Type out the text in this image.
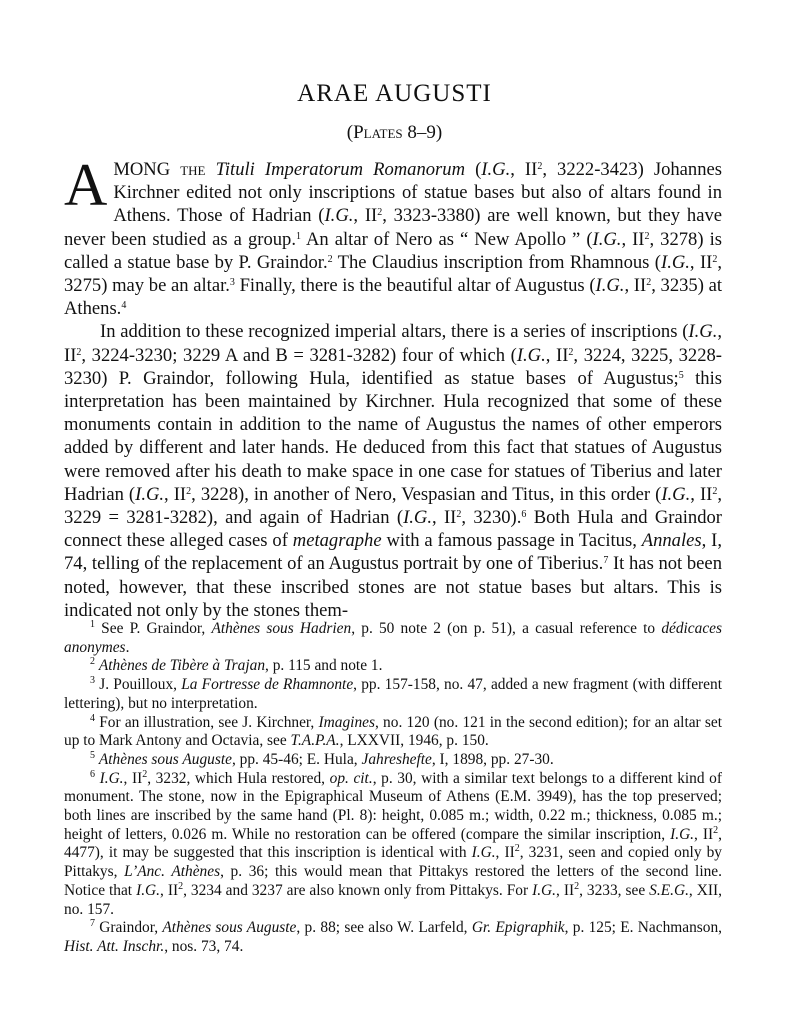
ARAE AUGUSTI
(Plates 8–9)

A MONG the Tituli Imperatorum Romanorum (I.G., $II^2$, 3222-3423) Johannes Kirchner edited not only inscriptions of statue bases but also of altars found in Athens. Those of Hadrian (I.G., $II^2$, 3323-3380) are well known, but they have never been studied as a group.$^1$ An altar of Nero as “ New Apollo ” (I.G., $II^2$, 3278) is called a statue base by P. Graindor.$^2$ The Claudius inscription from Rhamnous (I.G., $II^2$, 3275) may be an altar.$^3$ Finally, there is the beautiful altar of Augustus (I.G., $II^2$, 3235) at Athens.$^4$

In addition to these recognized imperial altars, there is a series of inscriptions (I.G., $II^2$, 3224-3230; 3229 A and B = 3281-3282) four of which (I.G., $II^2$, 3224, 3225, 3228-3230) P. Graindor, following Hula, identified as statue bases of Augustus;$^5$ this interpretation has been maintained by Kirchner. Hula recognized that some of these monuments contain in addition to the name of Augustus the names of other emperors added by different and later hands. He deduced from this fact that statues of Augustus were removed after his death to make space in one case for statues of Tiberius and later Hadrian (I.G., $II^2$, 3228), in another of Nero, Vespasian and Titus, in this order (I.G., $II^2$, 3229 = 3281-3282), and again of Hadrian (I.G., $II^2$, 3230).$^6$ Both Hula and Graindor connect these alleged cases of metagraphe with a famous passage in Tacitus, Annales, I, 74, telling of the replacement of an Augustus portrait by one of Tiberius.$^7$ It has not been noted, however, that these inscribed stones are not statue bases but altars. This is indicated not only by the stones them-

$^1$ See P. Graindor, Athènes sous Hadrien, p. 50 note 2 (on p. 51), a casual reference to dédicaces anonymes.

$^2$ Athènes de Tibère à Trajan, p. 115 and note 1.

$^3$ J. Pouilloux, La Fortresse de Rhamnonte, pp. 157-158, no. 47, added a new fragment (with different lettering), but no interpretation.

$^4$ For an illustration, see J. Kirchner, Imagines, no. 120 (no. 121 in the second edition); for an altar set up to Mark Antony and Octavia, see T.A.P.A., LXXVII, 1946, p. 150.

$^5$ Athènes sous Auguste, pp. 45-46; E. Hula, Jahreshefte, I, 1898, pp. 27-30.

$^6$ I.G., $II^2$, 3232, which Hula restored, op. cit., p. 30, with a similar text belongs to a different kind of monument. The stone, now in the Epigraphical Museum of Athens (E.M. 3949), has the top preserved; both lines are inscribed by the same hand (Pl. 8): height, 0.085 m.; width, 0.22 m.; thickness, 0.085 m.; height of letters, 0.026 m. While no restoration can be offered (compare the similar inscription, I.G., $II^2$, 4477), it may be suggested that this inscription is identical with I.G., $II^2$, 3231, seen and copied only by Pittakys, L’Anc. Athènes, p. 36; this would mean that Pittakys restored the letters of the second line. Notice that I.G., $II^2$, 3234 and 3237 are also known only from Pittakys. For I.G., $II^2$, 3233, see S.E.G., XII, no. 157.

$^7$ Graindor, Athènes sous Auguste, p. 88; see also W. Larfeld, Gr. Epigraphik, p. 125; E. Nachmanson, Hist. Att. Inschr., nos. 73, 74.
